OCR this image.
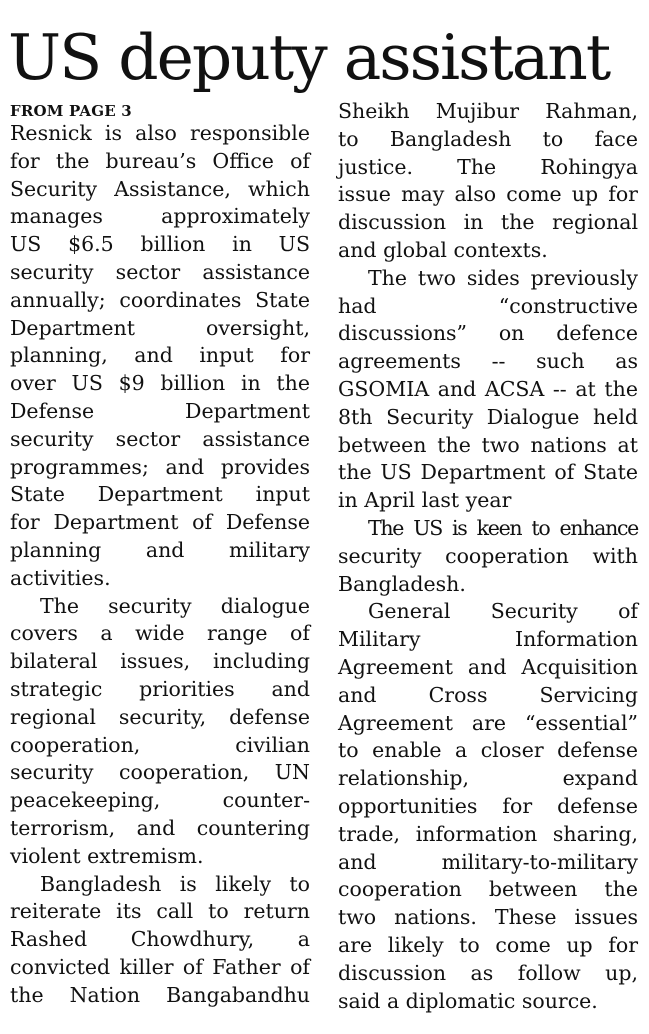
US deputy assistant
FROM PAGE 3
Resnick is also responsible
for the bureau’s Office of
Security Assistance, which
manages approximately
US $6.5 billion in US
security sector assistance
annually; coordinates State
Department oversight,
planning, and input for
over US $9 billion in the
Defense Department
security sector assistance
programmes; and provides
State Department input
for Department of Defense
planning and military
activities.
The security dialogue
covers a wide range of
bilateral issues, including
strategic priorities and
regional security, defense
cooperation, civilian
security cooperation, UN
peacekeeping, counter-
terrorism, and countering
violent extremism.
Bangladesh is likely to
reiterate its call to return
Rashed Chowdhury, a
convicted killer of Father of
the Nation Bangabandhu
Sheikh Mujibur Rahman,
to Bangladesh to face
justice. The Rohingya
issue may also come up for
discussion in the regional
and global contexts.
The two sides previously
had “constructive
discussions” on defence
agreements -- such as
GSOMIA and ACSA -- at the
8th Security Dialogue held
between the two nations at
the US Department of State
in April last year
The US is keen to enhance
security cooperation with
Bangladesh.
General Security of
Military Information
Agreement and Acquisition
and Cross Servicing
Agreement are “essential”
to enable a closer defense
relationship, expand
opportunities for defense
trade, information sharing,
and military-to-military
cooperation between the
two nations. These issues
are likely to come up for
discussion as follow up,
said a diplomatic source.
